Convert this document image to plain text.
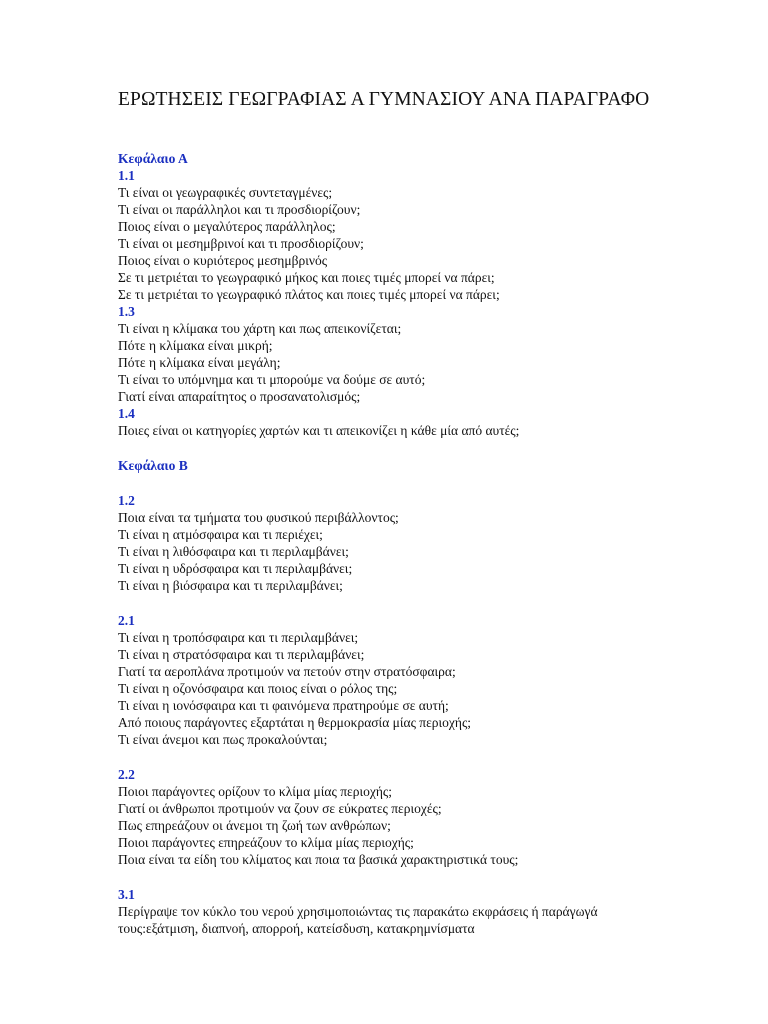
ΕΡΩΤΗΣΕΙΣ ΓΕΩΓΡΑΦΙΑΣ Α ΓΥΜΝΑΣΙΟΥ ΑΝΑ ΠΑΡΑΓΡΑΦΟ

Κεφάλαιο Α

1.1

Τι είναι οι γεωγραφικές συντεταγμένες;

Τι είναι οι παράλληλοι και τι προσδιορίζουν;

Ποιος είναι ο μεγαλύτερος παράλληλος;

Τι είναι οι μεσημβρινοί και τι προσδιορίζουν;

Ποιος είναι ο κυριότερος μεσημβρινός

Σε τι μετριέται το γεωγραφικό μήκος και ποιες τιμές μπορεί να πάρει;

Σε τι μετριέται το γεωγραφικό πλάτος και ποιες τιμές μπορεί να πάρει;

1.3

Τι είναι η κλίμακα του χάρτη και πως απεικονίζεται;

Πότε η κλίμακα είναι μικρή;

Πότε η κλίμακα είναι μεγάλη;

Τι είναι το υπόμνημα και τι μπορούμε να δούμε σε αυτό;

Γιατί είναι απαραίτητος ο προσανατολισμός;

1.4

Ποιες είναι οι κατηγορίες χαρτών και τι απεικονίζει η κάθε μία από αυτές;

Κεφάλαιο Β

1.2

Ποια είναι τα τμήματα του φυσικού περιβάλλοντος;

Τι είναι η ατμόσφαιρα και τι περιέχει;

Τι είναι η λιθόσφαιρα και τι περιλαμβάνει;

Τι είναι η υδρόσφαιρα και τι περιλαμβάνει;

Τι είναι η βιόσφαιρα και τι περιλαμβάνει;

2.1

Τι είναι η τροπόσφαιρα και τι περιλαμβάνει;

Τι είναι η στρατόσφαιρα και τι περιλαμβάνει;

Γιατί τα αεροπλάνα προτιμούν να πετούν στην στρατόσφαιρα;

Τι είναι η οζονόσφαιρα και ποιος είναι ο ρόλος της;

Τι είναι η ιονόσφαιρα και τι φαινόμενα πρατηρούμε σε αυτή;

Από ποιους παράγοντες εξαρτάται η θερμοκρασία μίας περιοχής;

Τι είναι άνεμοι και πως προκαλούνται;

2.2

Ποιοι παράγοντες ορίζουν το κλίμα μίας περιοχής;

Γιατί οι άνθρωποι προτιμούν να ζουν σε εύκρατες περιοχές;

Πως επηρεάζουν οι άνεμοι τη ζωή των ανθρώπων;

Ποιοι παράγοντες επηρεάζουν το κλίμα μίας περιοχής;

Ποια είναι τα είδη του κλίματος και ποια τα βασικά χαρακτηριστικά τους;

3.1

Περίγραψε τον κύκλο του νερού χρησιμοποιώντας τις παρακάτω εκφράσεις ή παράγωγά τους:εξάτμιση, διαπνοή, απορροή, κατείσδυση, κατακρημνίσματα
